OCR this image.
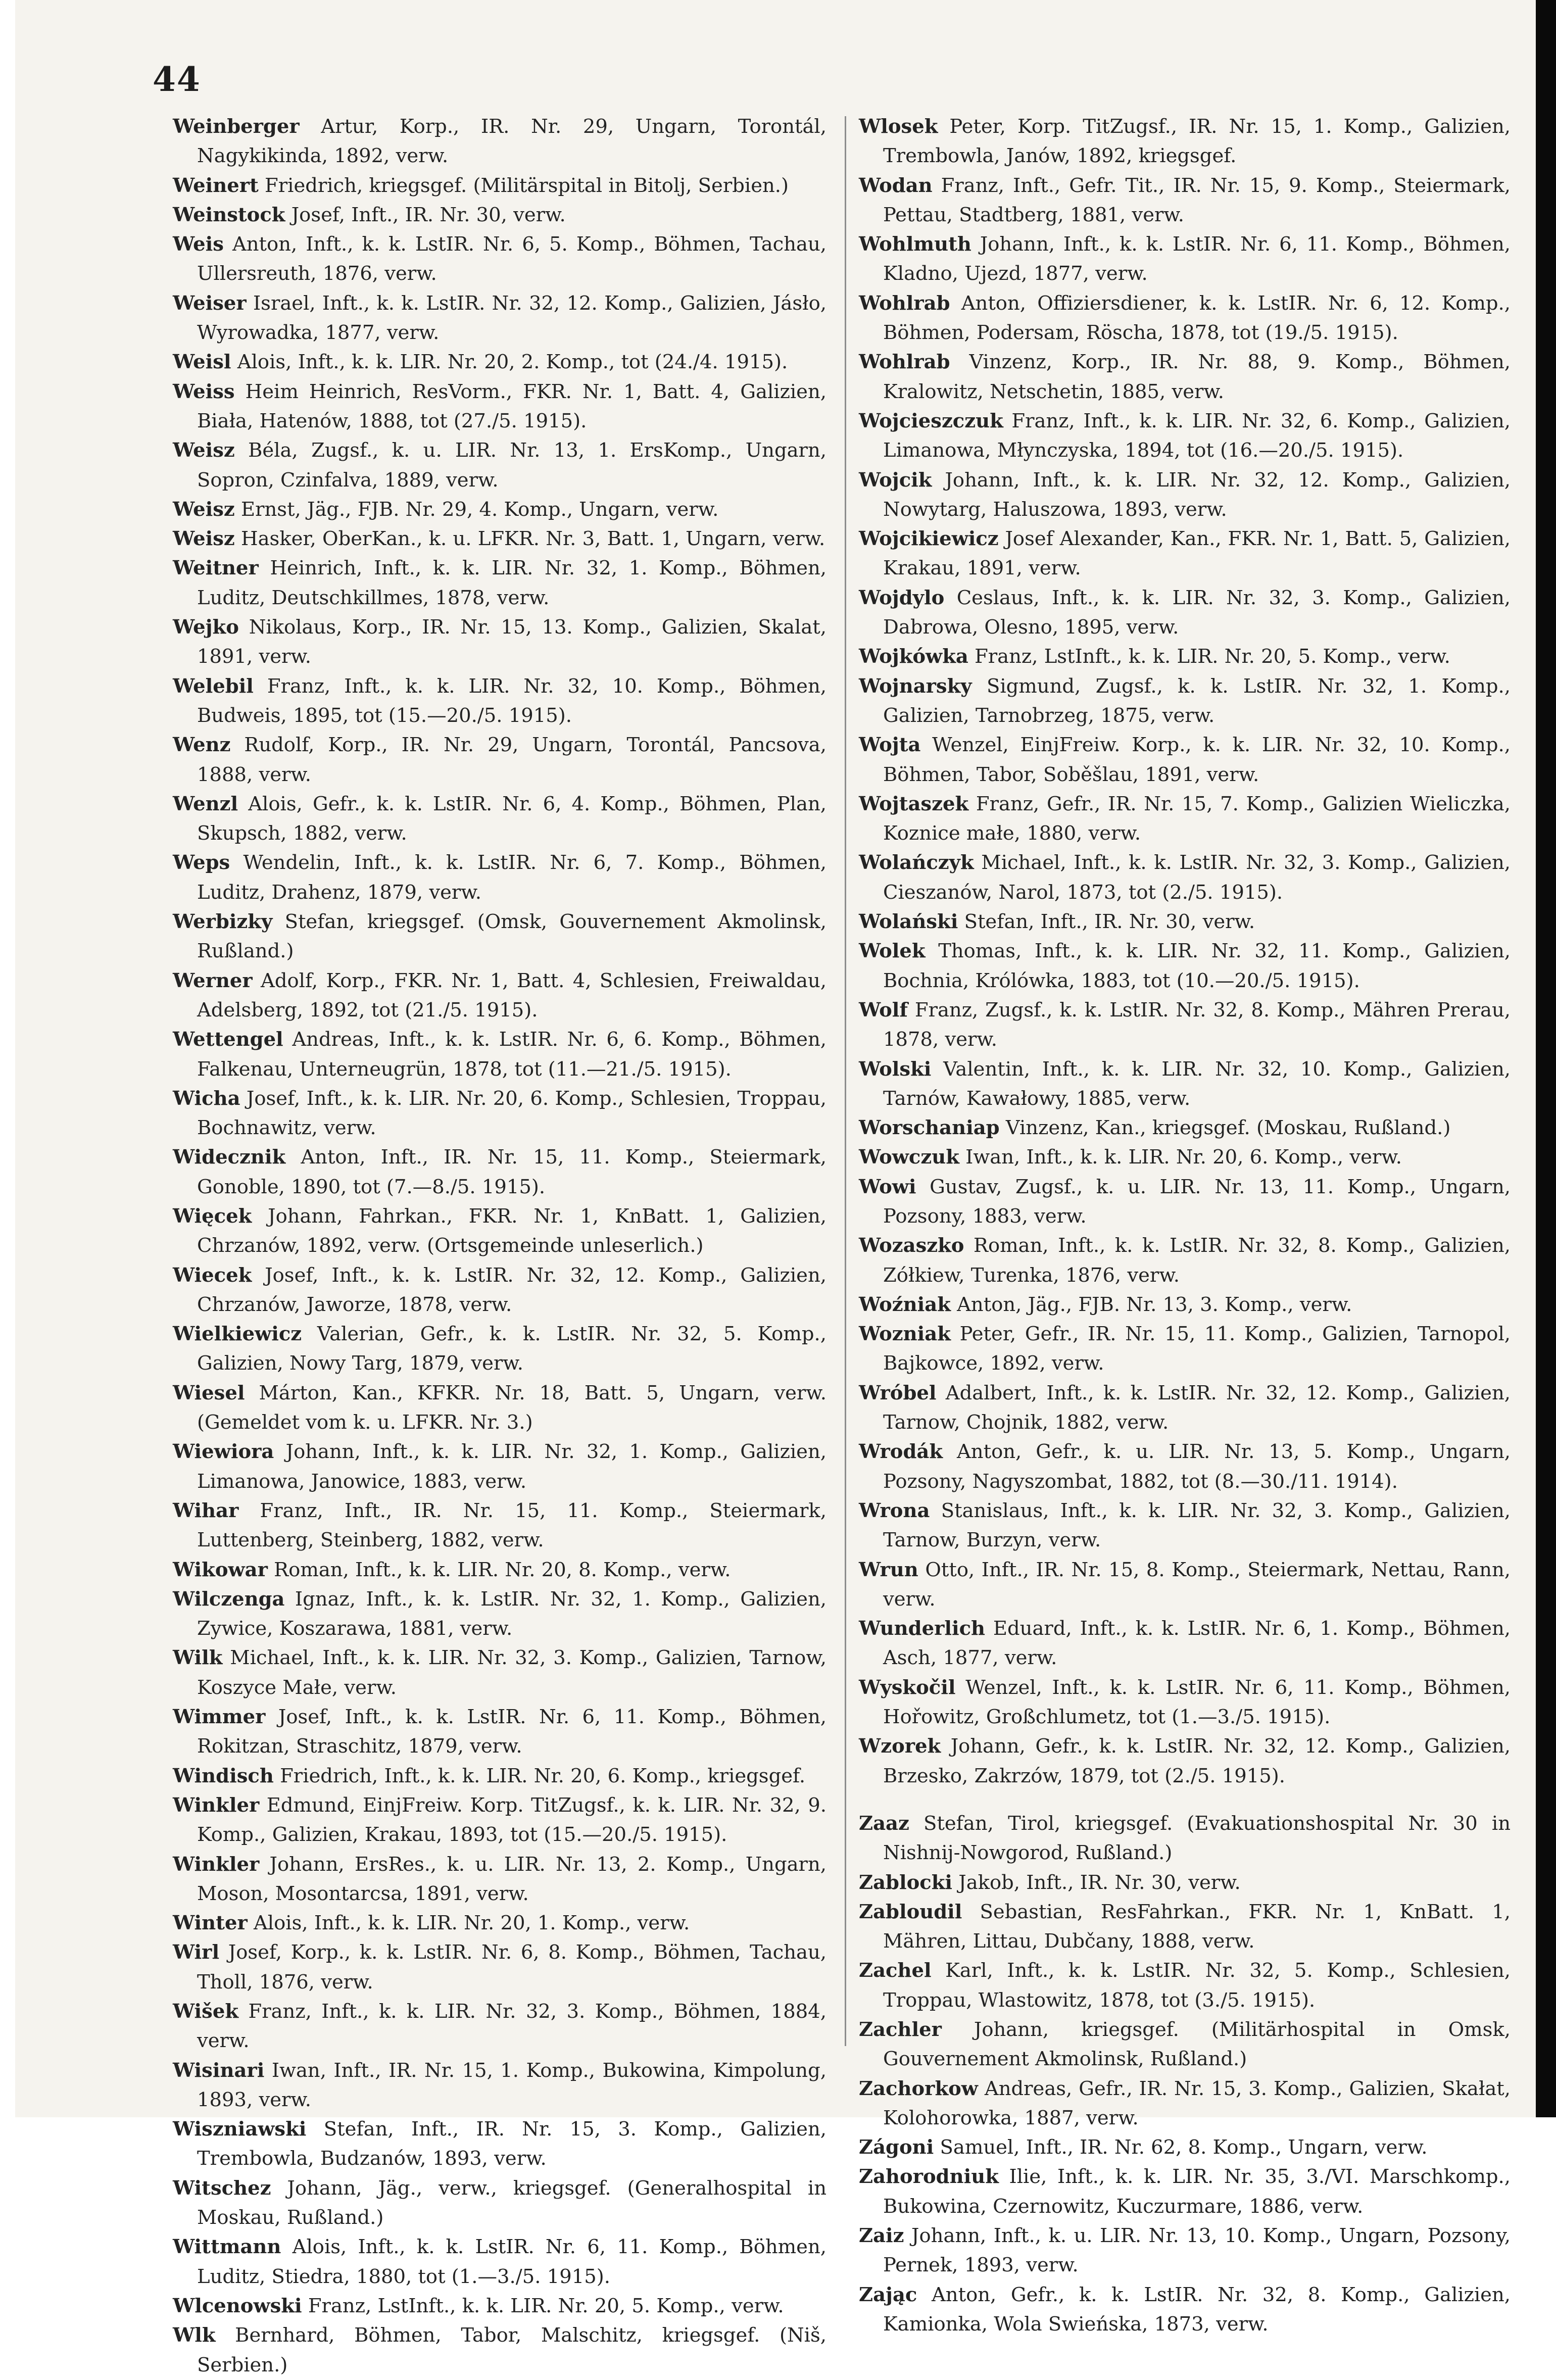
44

Weinberger Artur, Korp., IR. Nr. 29, Ungarn, Torontál, Nagykikinda, 1892, verw.

Weinert Friedrich, kriegsgef. (Militärspital in Bitolj, Serbien.)

Weinstock Josef, Inft., IR. Nr. 30, verw.

Weis Anton, Inft., k. k. LstIR. Nr. 6, 5. Komp., Böhmen, Tachau, Ullersreuth, 1876, verw.

Weiser Israel, Inft., k. k. LstIR. Nr. 32, 12. Komp., Galizien, Jásło, Wyrowadka, 1877, verw.

Weisl Alois, Inft., k. k. LIR. Nr. 20, 2. Komp., tot (24./4. 1915).

Weiss Heim Heinrich, ResVorm., FKR. Nr. 1, Batt. 4, Galizien, Biała, Hatenów, 1888, tot (27./5. 1915).

Weisz Béla, Zugsf., k. u. LIR. Nr. 13, 1. ErsKomp., Ungarn, Sopron, Czinfalva, 1889, verw.

Weisz Ernst, Jäg., FJB. Nr. 29, 4. Komp., Ungarn, verw.

Weisz Hasker, OberKan., k. u. LFKR. Nr. 3, Batt. 1, Ungarn, verw.

Weitner Heinrich, Inft., k. k. LIR. Nr. 32, 1. Komp., Böhmen, Luditz, Deutschkillmes, 1878, verw.

Wejko Nikolaus, Korp., IR. Nr. 15, 13. Komp., Galizien, Skalat, 1891, verw.

Welebil Franz, Inft., k. k. LIR. Nr. 32, 10. Komp., Böhmen, Budweis, 1895, tot (15.—20./5. 1915).

Wenz Rudolf, Korp., IR. Nr. 29, Ungarn, Torontál, Pancsova, 1888, verw.

Wenzl Alois, Gefr., k. k. LstIR. Nr. 6, 4. Komp., Böhmen, Plan, Skupsch, 1882, verw.

Weps Wendelin, Inft., k. k. LstIR. Nr. 6, 7. Komp., Böhmen, Luditz, Drahenz, 1879, verw.

Werbizky Stefan, kriegsgef. (Omsk, Gouvernement Akmolinsk, Rußland.)

Werner Adolf, Korp., FKR. Nr. 1, Batt. 4, Schlesien, Freiwaldau, Adelsberg, 1892, tot (21./5. 1915).

Wettengel Andreas, Inft., k. k. LstIR. Nr. 6, 6. Komp., Böhmen, Falkenau, Unterneugrün, 1878, tot (11.—21./5. 1915).

Wicha Josef, Inft., k. k. LIR. Nr. 20, 6. Komp., Schlesien, Troppau, Bochnawitz, verw.

Widecznik Anton, Inft., IR. Nr. 15, 11. Komp., Steiermark, Gonoble, 1890, tot (7.—8./5. 1915).

Więcek Johann, Fahrkan., FKR. Nr. 1, KnBatt. 1, Galizien, Chrzanów, 1892, verw. (Ortsgemeinde unleserlich.)

Wiecek Josef, Inft., k. k. LstIR. Nr. 32, 12. Komp., Galizien, Chrzanów, Jaworze, 1878, verw.

Wielkiewicz Valerian, Gefr., k. k. LstIR. Nr. 32, 5. Komp., Galizien, Nowy Targ, 1879, verw.

Wiesel Márton, Kan., KFKR. Nr. 18, Batt. 5, Ungarn, verw. (Gemeldet vom k. u. LFKR. Nr. 3.)

Wiewiora Johann, Inft., k. k. LIR. Nr. 32, 1. Komp., Galizien, Limanowa, Janowice, 1883, verw.

Wihar Franz, Inft., IR. Nr. 15, 11. Komp., Steiermark, Luttenberg, Steinberg, 1882, verw.

Wikowar Roman, Inft., k. k. LIR. Nr. 20, 8. Komp., verw.

Wilczenga Ignaz, Inft., k. k. LstIR. Nr. 32, 1. Komp., Galizien, Zywice, Koszarawa, 1881, verw.

Wilk Michael, Inft., k. k. LIR. Nr. 32, 3. Komp., Galizien, Tarnow, Koszyce Małe, verw.

Wimmer Josef, Inft., k. k. LstIR. Nr. 6, 11. Komp., Böhmen, Rokitzan, Straschitz, 1879, verw.

Windisch Friedrich, Inft., k. k. LIR. Nr. 20, 6. Komp., kriegsgef.

Winkler Edmund, EinjFreiw. Korp. TitZugsf., k. k. LIR. Nr. 32, 9. Komp., Galizien, Krakau, 1893, tot (15.—20./5. 1915).

Winkler Johann, ErsRes., k. u. LIR. Nr. 13, 2. Komp., Ungarn, Moson, Mosontarcsa, 1891, verw.

Winter Alois, Inft., k. k. LIR. Nr. 20, 1. Komp., verw.

Wirl Josef, Korp., k. k. LstIR. Nr. 6, 8. Komp., Böhmen, Tachau, Tholl, 1876, verw.

Wišek Franz, Inft., k. k. LIR. Nr. 32, 3. Komp., Böhmen, 1884, verw.

Wisinari Iwan, Inft., IR. Nr. 15, 1. Komp., Bukowina, Kimpolung, 1893, verw.

Wiszniawski Stefan, Inft., IR. Nr. 15, 3. Komp., Galizien, Trembowla, Budzanów, 1893, verw.

Witschez Johann, Jäg., verw., kriegsgef. (Generalhospital in Moskau, Rußland.)

Wittmann Alois, Inft., k. k. LstIR. Nr. 6, 11. Komp., Böhmen, Luditz, Stiedra, 1880, tot (1.—3./5. 1915).

Wlcenowski Franz, LstInft., k. k. LIR. Nr. 20, 5. Komp., verw.

Wlk Bernhard, Böhmen, Tabor, Malschitz, kriegsgef. (Niš, Serbien.)

Wlosek Peter, Korp. TitZugsf., IR. Nr. 15, 1. Komp., Galizien, Trembowla, Janów, 1892, kriegsgef.

Wodan Franz, Inft., Gefr. Tit., IR. Nr. 15, 9. Komp., Steiermark, Pettau, Stadtberg, 1881, verw.

Wohlmuth Johann, Inft., k. k. LstIR. Nr. 6, 11. Komp., Böhmen, Kladno, Ujezd, 1877, verw.

Wohlrab Anton, Offiziersdiener, k. k. LstIR. Nr. 6, 12. Komp., Böhmen, Podersam, Röscha, 1878, tot (19./5. 1915).

Wohlrab Vinzenz, Korp., IR. Nr. 88, 9. Komp., Böhmen, Kralowitz, Netschetin, 1885, verw.

Wojcieszczuk Franz, Inft., k. k. LIR. Nr. 32, 6. Komp., Galizien, Limanowa, Młynczyska, 1894, tot (16.—20./5. 1915).

Wojcik Johann, Inft., k. k. LIR. Nr. 32, 12. Komp., Galizien, Nowytarg, Haluszowa, 1893, verw.

Wojcikiewicz Josef Alexander, Kan., FKR. Nr. 1, Batt. 5, Galizien, Krakau, 1891, verw.

Wojdylo Ceslaus, Inft., k. k. LIR. Nr. 32, 3. Komp., Galizien, Dabrowa, Olesno, 1895, verw.

Wojkówka Franz, LstInft., k. k. LIR. Nr. 20, 5. Komp., verw.

Wojnarsky Sigmund, Zugsf., k. k. LstIR. Nr. 32, 1. Komp., Galizien, Tarnobrzeg, 1875, verw.

Wojta Wenzel, EinjFreiw. Korp., k. k. LIR. Nr. 32, 10. Komp., Böhmen, Tabor, Soběšlau, 1891, verw.

Wojtaszek Franz, Gefr., IR. Nr. 15, 7. Komp., Galizien Wieliczka, Koznice małe, 1880, verw.

Wolańczyk Michael, Inft., k. k. LstIR. Nr. 32, 3. Komp., Galizien, Cieszanów, Narol, 1873, tot (2./5. 1915).

Wolański Stefan, Inft., IR. Nr. 30, verw.

Wolek Thomas, Inft., k. k. LIR. Nr. 32, 11. Komp., Galizien, Bochnia, Królówka, 1883, tot (10.—20./5. 1915).

Wolf Franz, Zugsf., k. k. LstIR. Nr. 32, 8. Komp., Mähren Prerau, 1878, verw.

Wolski Valentin, Inft., k. k. LIR. Nr. 32, 10. Komp., Galizien, Tarnów, Kawałowy, 1885, verw.

Worschaniap Vinzenz, Kan., kriegsgef. (Moskau, Rußland.)

Wowczuk Iwan, Inft., k. k. LIR. Nr. 20, 6. Komp., verw.

Wowi Gustav, Zugsf., k. u. LIR. Nr. 13, 11. Komp., Ungarn, Pozsony, 1883, verw.

Wozaszko Roman, Inft., k. k. LstIR. Nr. 32, 8. Komp., Galizien, Zółkiew, Turenka, 1876, verw.

Woźniak Anton, Jäg., FJB. Nr. 13, 3. Komp., verw.

Wozniak Peter, Gefr., IR. Nr. 15, 11. Komp., Galizien, Tarnopol, Bajkowce, 1892, verw.

Wróbel Adalbert, Inft., k. k. LstIR. Nr. 32, 12. Komp., Galizien, Tarnow, Chojnik, 1882, verw.

Wrodák Anton, Gefr., k. u. LIR. Nr. 13, 5. Komp., Ungarn, Pozsony, Nagyszombat, 1882, tot (8.—30./11. 1914).

Wrona Stanislaus, Inft., k. k. LIR. Nr. 32, 3. Komp., Galizien, Tarnow, Burzyn, verw.

Wrun Otto, Inft., IR. Nr. 15, 8. Komp., Steiermark, Nettau, Rann, verw.

Wunderlich Eduard, Inft., k. k. LstIR. Nr. 6, 1. Komp., Böhmen, Asch, 1877, verw.

Wyskočil Wenzel, Inft., k. k. LstIR. Nr. 6, 11. Komp., Böhmen, Hořowitz, Großchlumetz, tot (1.—3./5. 1915).

Wzorek Johann, Gefr., k. k. LstIR. Nr. 32, 12. Komp., Galizien, Brzesko, Zakrzów, 1879, tot (2./5. 1915).

Zaaz Stefan, Tirol, kriegsgef. (Evakuationshospital Nr. 30 in Nishnij-Nowgorod, Rußland.)

Zablocki Jakob, Inft., IR. Nr. 30, verw.

Zabloudil Sebastian, ResFahrkan., FKR. Nr. 1, KnBatt. 1, Mähren, Littau, Dubčany, 1888, verw.

Zachel Karl, Inft., k. k. LstIR. Nr. 32, 5. Komp., Schlesien, Troppau, Wlastowitz, 1878, tot (3./5. 1915).

Zachler Johann, kriegsgef. (Militärhospital in Omsk, Gouvernement Akmolinsk, Rußland.)

Zachorkow Andreas, Gefr., IR. Nr. 15, 3. Komp., Galizien, Skałat, Kolohorowka, 1887, verw.

Zágoni Samuel, Inft., IR. Nr. 62, 8. Komp., Ungarn, verw.

Zahorodniuk Ilie, Inft., k. k. LIR. Nr. 35, 3./VI. Marschkomp., Bukowina, Czernowitz, Kuczurmare, 1886, verw.

Zaiz Johann, Inft., k. u. LIR. Nr. 13, 10. Komp., Ungarn, Pozsony, Pernek, 1893, verw.

Zając Anton, Gefr., k. k. LstIR. Nr. 32, 8. Komp., Galizien, Kamionka, Wola Swieńska, 1873, verw.
